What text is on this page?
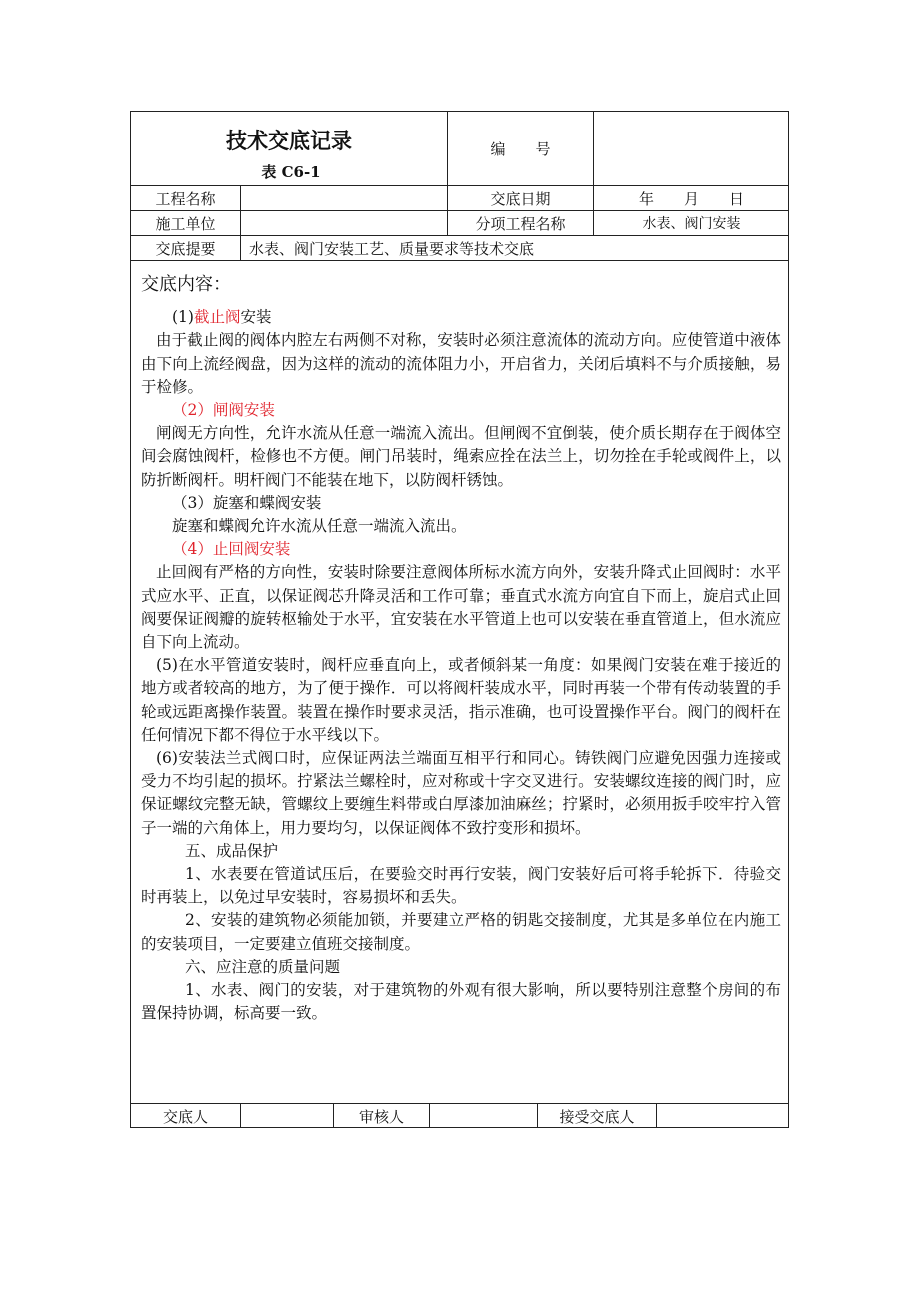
技术交底记录
表 C6-1
编　　号
工程名称	交底日期	年　　月　　日
施工单位	分项工程名称	水表、阀门安装
交底提要	水表、阀门安装工艺、质量要求等技术交底

交底内容：

(1)截止阀安装

由于截止阀的阀体内腔左右两侧不对称，安装时必须注意流体的流动方向。应使管道中液体由下向上流经阀盘，因为这样的流动的流体阻力小，开启省力，关闭后填料不与介质接触，易于检修。

（2）闸阀安装

闸阀无方向性，允许水流从任意一端流入流出。但闸阀不宜倒装，使介质长期存在于阀体空间会腐蚀阀杆，检修也不方便。闸门吊装时，绳索应拴在法兰上，切勿拴在手轮或阀件上，以防折断阀杆。明杆阀门不能装在地下，以防阀杆锈蚀。

（3）旋塞和蝶阀安装

旋塞和蝶阀允许水流从任意一端流入流出。

（4）止回阀安装

止回阀有严格的方向性，安装时除要注意阀体所标水流方向外，安装升降式止回阀时：水平式应水平、正直，以保证阀芯升降灵活和工作可靠；垂直式水流方向宜自下而上，旋启式止回阀要保证阀瓣的旋转枢输处于水平，宜安装在水平管道上也可以安装在垂直管道上，但水流应自下向上流动。

(5)在水平管道安装时，阀杆应垂直向上，或者倾斜某一角度：如果阀门安装在难于接近的地方或者较高的地方，为了便于操作．可以将阀杆装成水平，同时再装一个带有传动装置的手轮或远距离操作装置。装置在操作时要求灵活，指示准确，也可设置操作平台。阀门的阀杆在任何情况下都不得位于水平线以下。

(6)安装法兰式阀口时，应保证两法兰端面互相平行和同心。铸铁阀门应避免因强力连接或受力不均引起的损坏。拧紧法兰螺栓时，应对称或十字交叉进行。安装螺纹连接的阀门时，应保证螺纹完整无缺，管螺纹上要缠生料带或白厚漆加油麻丝；拧紧时，必须用扳手咬牢拧入管子一端的六角体上，用力要均匀，以保证阀体不致拧变形和损坏。

五、成品保护

1、水表要在管道试压后，在要验交时再行安装，阀门安装好后可将手轮拆下．待验交时再装上，以免过早安装时，容易损坏和丢失。

2、安装的建筑物必须能加锁，并要建立严格的钥匙交接制度，尤其是多单位在内施工的安装项目，一定要建立值班交接制度。

六、应注意的质量问题

1、水表、阀门的安装，对于建筑物的外观有很大影响，所以要特别注意整个房间的布置保持协调，标高要一致。

交底人	审核人	接受交底人
